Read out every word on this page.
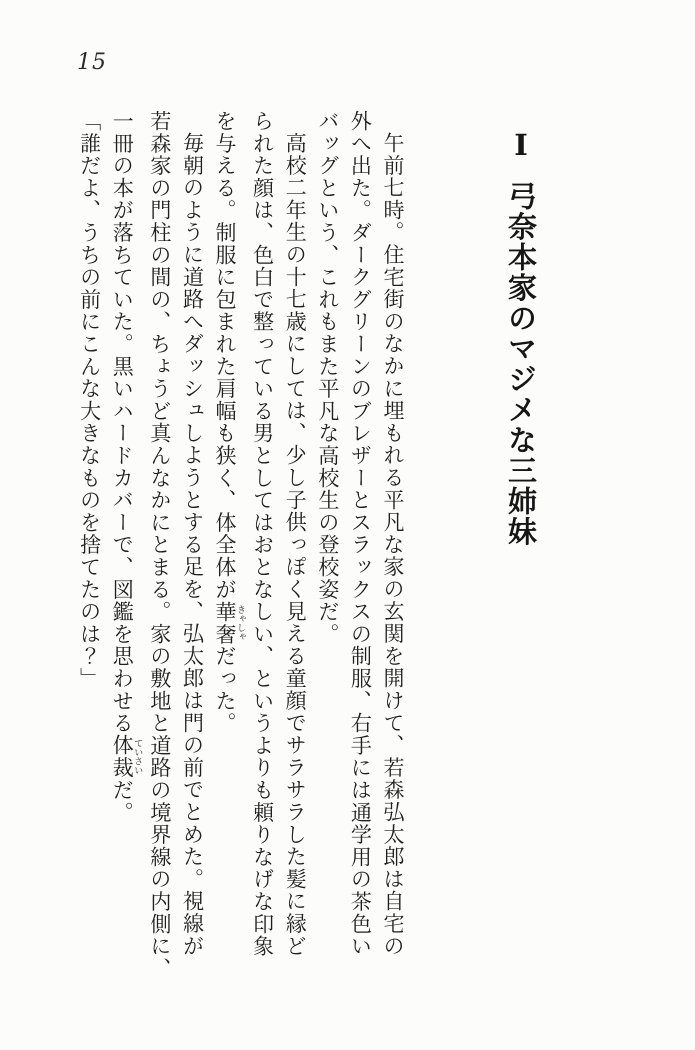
15
Ⅰ弓奈本家のマジメな三姉妹
午前七時。住宅街のなかに埋もれる平凡な家の玄関を開けて、若森弘太郎は自宅の
外へ出た。ダークグリーンのブレザーとスラックスの制服、右手には通学用の茶色い
バッグという、これもまた平凡な高校生の登校姿だ。
高校二年生の十七歳にしては、少し子供っぽく見える童顔でサラサラした髪に縁ど
られた顔は、色白で整っている男としてはおとなしい、というよりも頼りなげな印象
を与える。制服に包まれた肩幅も狭く、体全体が華奢 きゃしゃだった。
毎朝のように道路へダッシュしようとする足を、弘太郎は門の前でとめた。視線が
若森家の門柱の間の、ちょうど真んなかにとまる。家の敷地と道路の境界線の内側に、
一冊の本が落ちていた。黒いハードカバーで、図鑑を思わせる体裁 ていさいだ。
「誰だよ、うちの前にこんな大きなものを捨てたのは？」
